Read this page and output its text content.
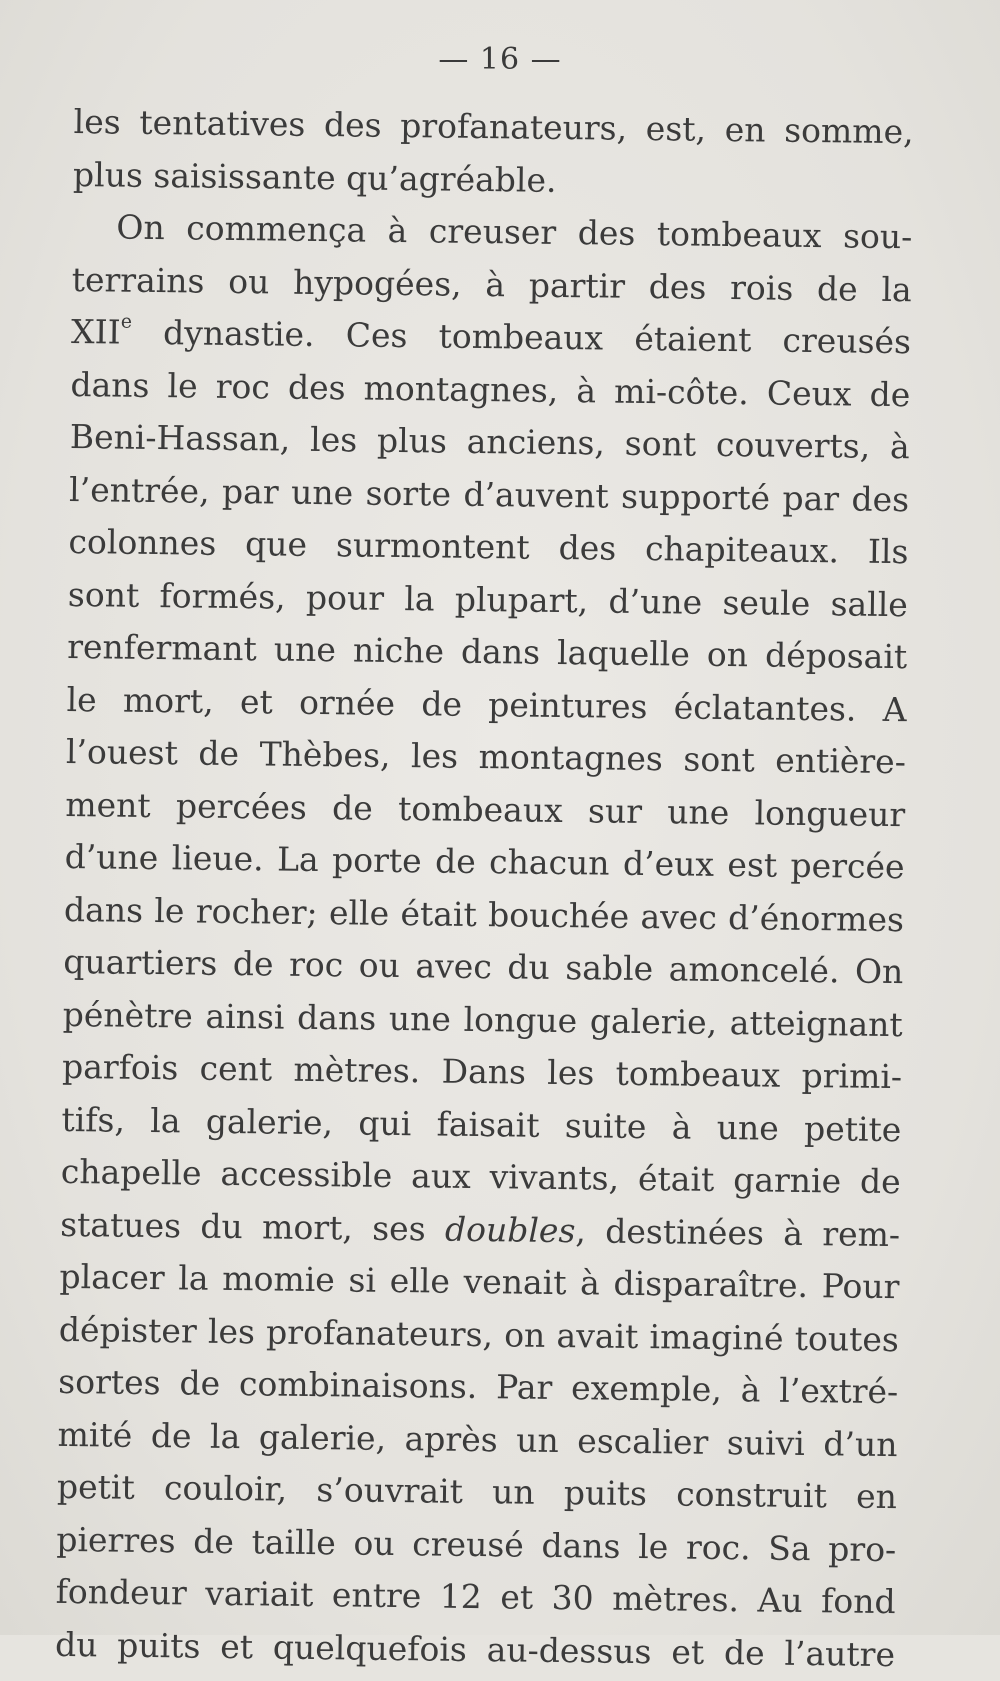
— 16 —
les tentatives des profanateurs, est, en somme,
plus
saisissante
qu’agréable.
On commença à creuser des tombeaux sou-
terrains ou hypogées, à partir des rois de la
XIIe dynastie. Ces tombeaux étaient creusés
dans le roc des montagnes, à mi-côte. Ceux de
Beni-Hassan, les plus anciens, sont couverts, à
l’entrée, par une sorte d’auvent supporté par des
colonnes que surmontent des chapiteaux. Ils
sont formés, pour la plupart, d’une seule salle
renfermant une niche dans laquelle on déposait
le mort, et ornée de peintures éclatantes. A
l’ouest de Thèbes, les montagnes sont entière-
ment percées de tombeaux sur une longueur
d’une lieue. La porte de chacun d’eux est percée
dans le rocher; elle était bouchée avec d’énormes
quartiers de roc ou avec du sable amoncelé. On
pénètre ainsi dans une longue galerie, atteignant
parfois cent mètres. Dans les tombeaux primi-
tifs, la galerie, qui faisait suite à une petite
chapelle accessible aux vivants, était garnie de
statues du mort, ses doubles, destinées à rem-
placer la momie si elle venait à disparaître. Pour
dépister les profanateurs, on avait imaginé toutes
sortes de combinaisons. Par exemple, à l’extré-
mité de la galerie, après un escalier suivi d’un
petit couloir, s’ouvrait un puits construit en
pierres de taille ou creusé dans le roc. Sa pro-
fondeur variait entre 12 et 30 mètres. Au fond
du puits et quelquefois au-dessus et de l’autre
